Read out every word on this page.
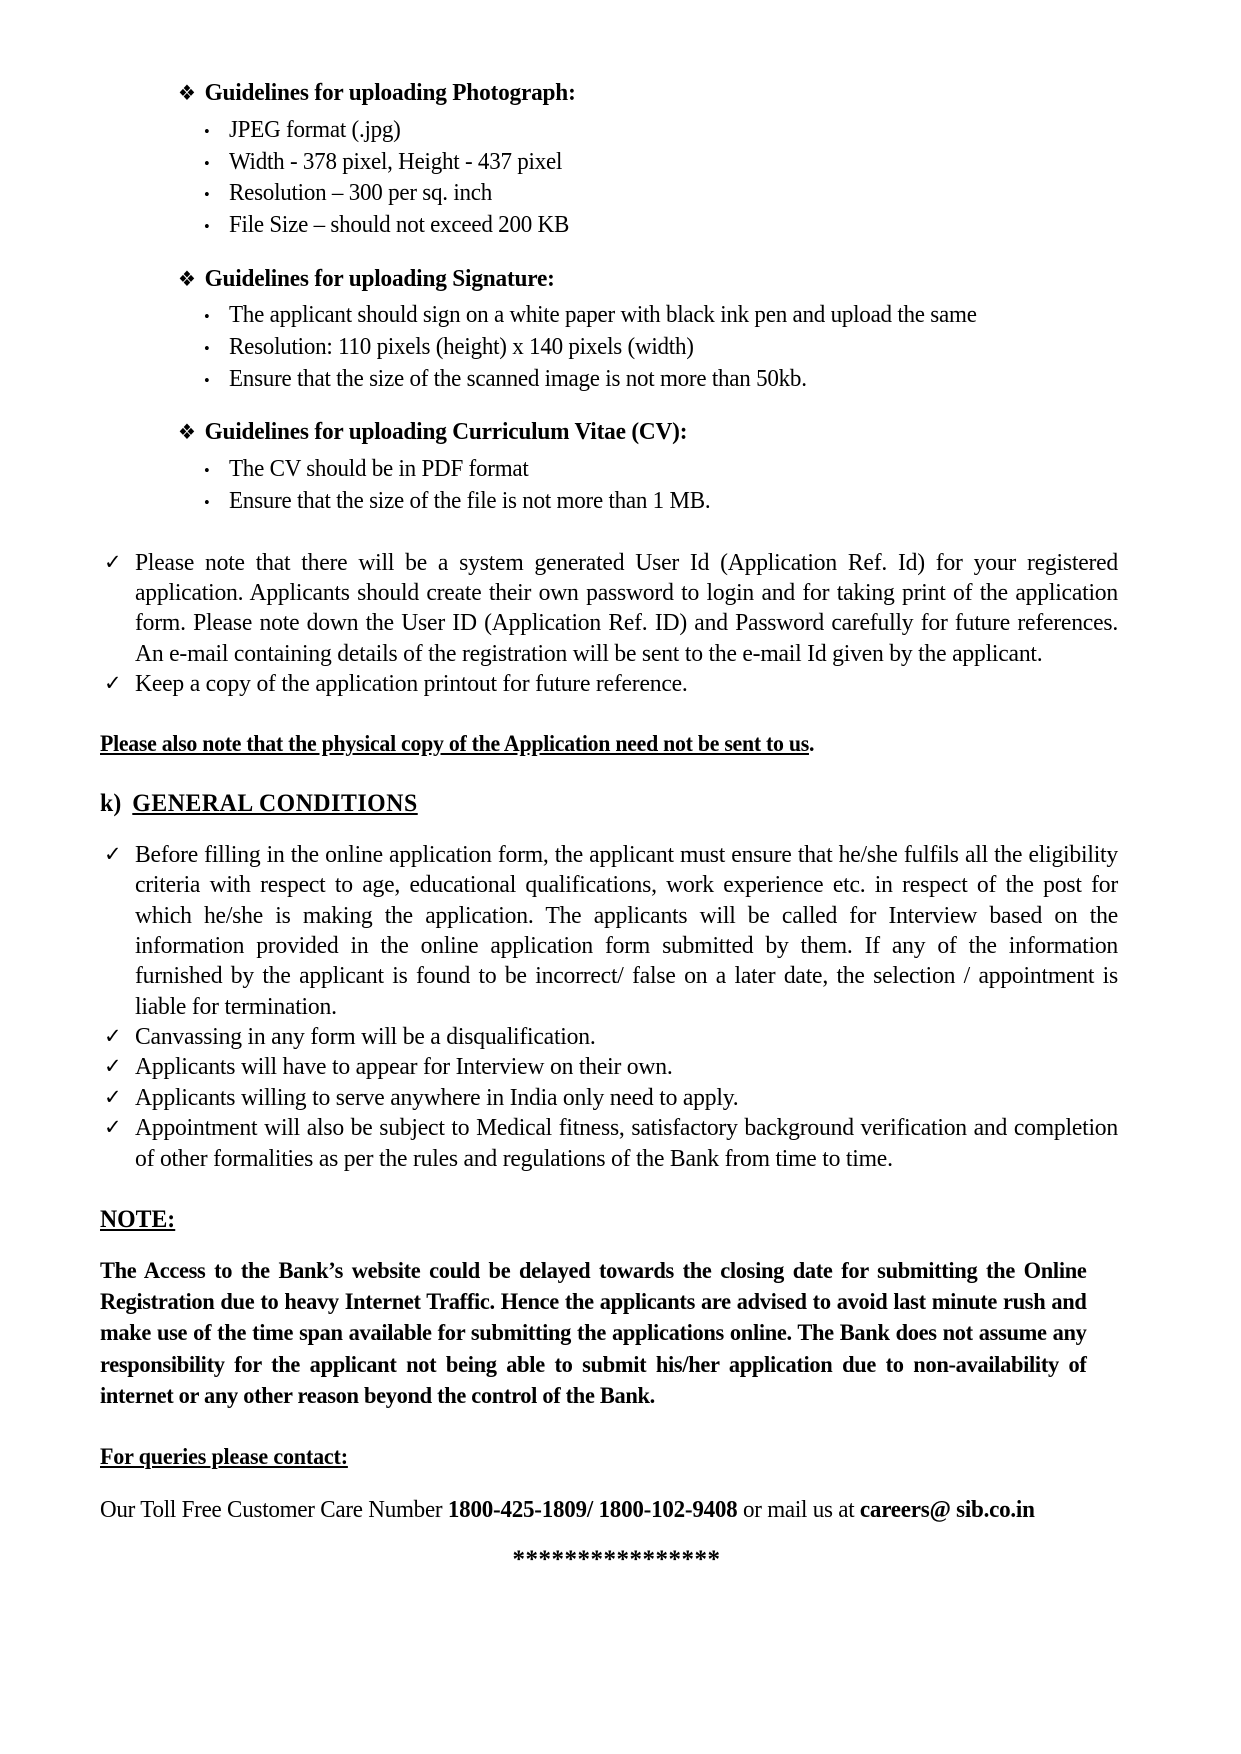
❖ Guidelines for uploading Photograph:
• JPEG format (.jpg)
• Width - 378 pixel, Height - 437 pixel
• Resolution – 300 per sq. inch
• File Size – should not exceed 200 KB
❖ Guidelines for uploading Signature:
• The applicant should sign on a white paper with black ink pen and upload the same
• Resolution: 110 pixels (height) x 140 pixels (width)
• Ensure that the size of the scanned image is not more than 50kb.
❖ Guidelines for uploading Curriculum Vitae (CV):
• The CV should be in PDF format
• Ensure that the size of the file is not more than 1 MB.
✓ Please note that there will be a system generated User Id (Application Ref. Id) for your registered application. Applicants should create their own password to login and for taking print of the application form. Please note down the User ID (Application Ref. ID) and Password carefully for future references. An e-mail containing details of the registration will be sent to the e-mail Id given by the applicant.
✓ Keep a copy of the application printout for future reference.
Please also note that the physical copy of the Application need not be sent to us.
k) GENERAL CONDITIONS
✓ Before filling in the online application form, the applicant must ensure that he/she fulfils all the eligibility criteria with respect to age, educational qualifications, work experience etc. in respect of the post for which he/she is making the application. The applicants will be called for Interview based on the information provided in the online application form submitted by them. If any of the information furnished by the applicant is found to be incorrect/ false on a later date, the selection / appointment is liable for termination.
✓ Canvassing in any form will be a disqualification.
✓ Applicants will have to appear for Interview on their own.
✓ Applicants willing to serve anywhere in India only need to apply.
✓ Appointment will also be subject to Medical fitness, satisfactory background verification and completion of other formalities as per the rules and regulations of the Bank from time to time.
NOTE:
The Access to the Bank’s website could be delayed towards the closing date for submitting the Online Registration due to heavy Internet Traffic. Hence the applicants are advised to avoid last minute rush and make use of the time span available for submitting the applications online. The Bank does not assume any responsibility for the applicant not being able to submit his/her application due to non-availability of internet or any other reason beyond the control of the Bank.
For queries please contact:
Our Toll Free Customer Care Number 1800-425-1809/ 1800-102-9408 or mail us at careers@ sib.co.in
****************
